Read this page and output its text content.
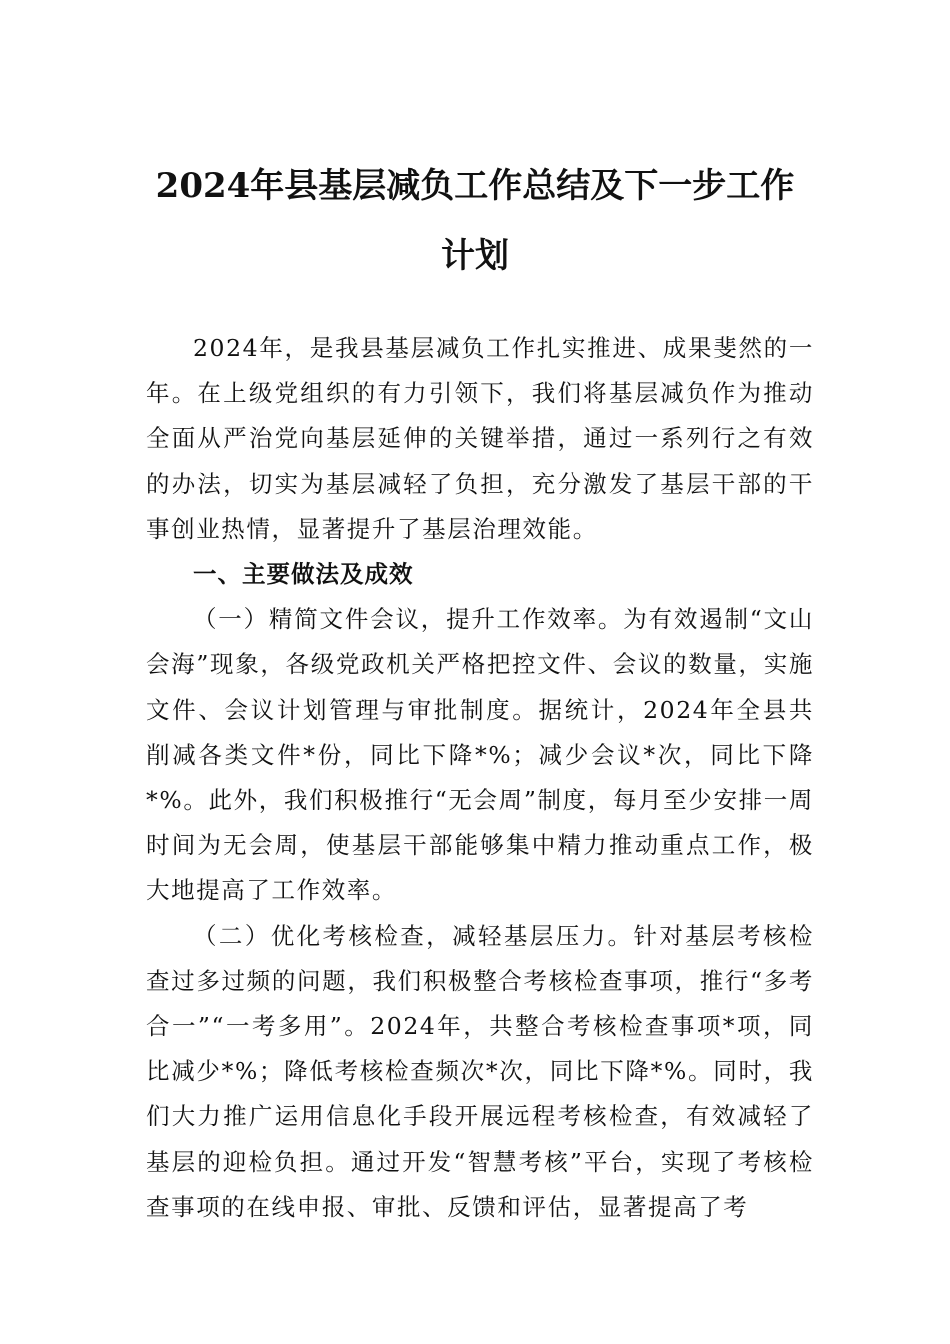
2024年县基层减负工作总结及下一步工作
计划

2024年，是我县基层减负工作扎实推进、成果斐然的一年。在上级党组织的有力引领下，我们将基层减负作为推动全面从严治党向基层延伸的关键举措，通过一系列行之有效的办法，切实为基层减轻了负担，充分激发了基层干部的干事创业热情，显著提升了基层治理效能。

一、主要做法及成效

（一）精简文件会议，提升工作效率。为有效遏制“文山会海”现象，各级党政机关严格把控文件、会议的数量，实施文件、会议计划管理与审批制度。据统计，2024年全县共削减各类文件*份，同比下降*%；减少会议*次，同比下降*%。此外，我们积极推行“无会周”制度，每月至少安排一周时间为无会周，使基层干部能够集中精力推动重点工作，极大地提高了工作效率。

（二）优化考核检查，减轻基层压力。针对基层考核检查过多过频的问题，我们积极整合考核检查事项，推行“多考合一”“一考多用”。2024年，共整合考核检查事项*项，同比减少*%；降低考核检查频次*次，同比下降*%。同时，我们大力推广运用信息化手段开展远程考核检查，有效减轻了基层的迎检负担。通过开发“智慧考核”平台，实现了考核检查事项的在线申报、审批、反馈和评估，显著提高了考
